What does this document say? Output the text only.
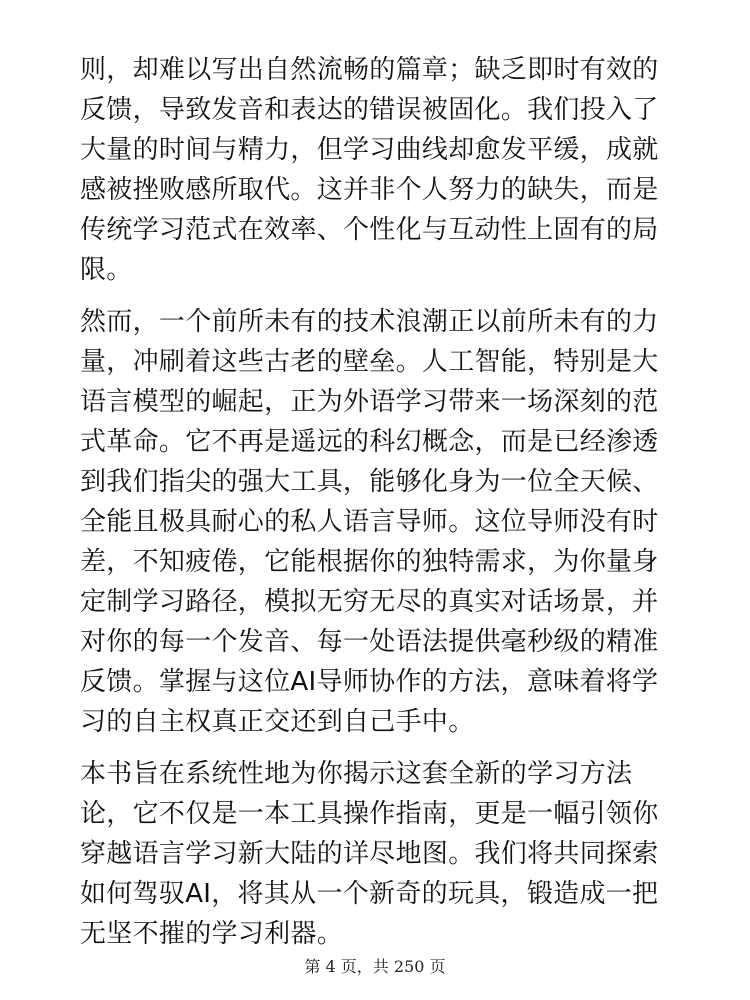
则，却难以写出自然流畅的篇章；缺乏即时有效的
反馈，导致发音和表达的错误被固化。我们投入了
大量的时间与精力，但学习曲线却愈发平缓，成就
感被挫败感所取代。这并非个人努力的缺失，而是
传统学习范式在效率、个性化与互动性上固有的局
限。

然而，一个前所未有的技术浪潮正以前所未有的力
量，冲刷着这些古老的壁垒。人工智能，特别是大
语言模型的崛起，正为外语学习带来一场深刻的范
式革命。它不再是遥远的科幻概念，而是已经渗透
到我们指尖的强大工具，能够化身为一位全天候、
全能且极具耐心的私人语言导师。这位导师没有时
差，不知疲倦，它能根据你的独特需求，为你量身
定制学习路径，模拟无穷无尽的真实对话场景，并
对你的每一个发音、每一处语法提供毫秒级的精准
反馈。掌握与这位AI导师协作的方法，意味着将学
习的自主权真正交还到自己手中。

本书旨在系统性地为你揭示这套全新的学习方法
论，它不仅是一本工具操作指南，更是一幅引领你
穿越语言学习新大陆的详尽地图。我们将共同探索
如何驾驭AI，将其从一个新奇的玩具，锻造成一把
无坚不摧的学习利器。

第 4 页，共 250 页
